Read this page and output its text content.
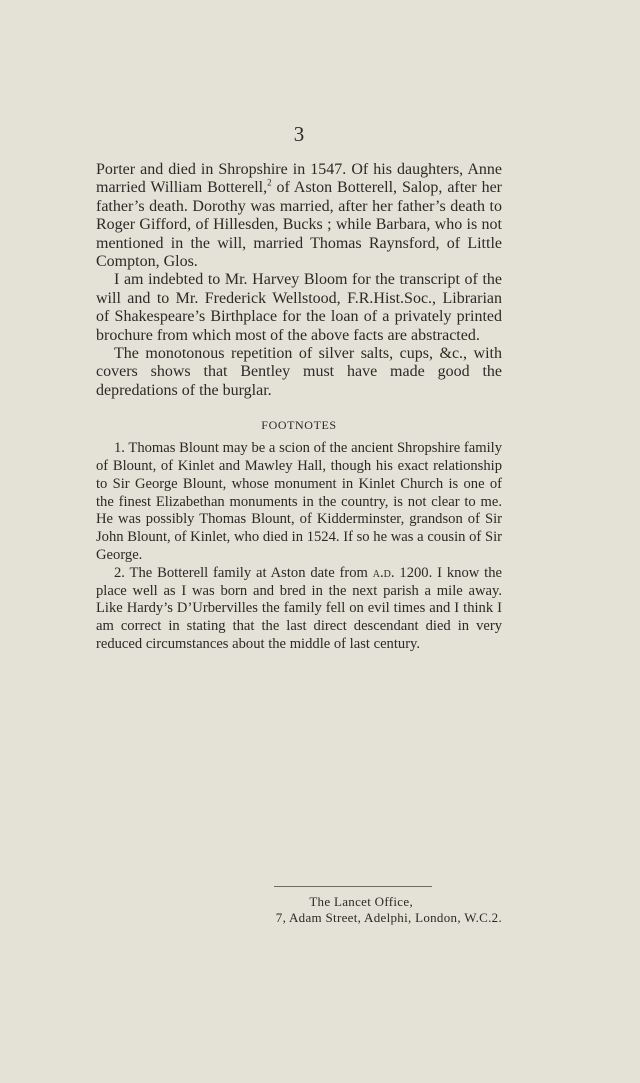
3

Porter and died in Shropshire in 1547. Of his daughters, Anne married William Botterell,$^2$ of Aston Botterell, Salop, after her father’s death. Dorothy was married, after her father’s death to Roger Gifford, of Hillesden, Bucks ; while Barbara, who is not mentioned in the will, married Thomas Raynsford, of Little Compton, Glos.

I am indebted to Mr. Harvey Bloom for the transcript of the will and to Mr. Frederick Wellstood, F.R.Hist.Soc., Librarian of Shakespeare’s Birthplace for the loan of a privately printed brochure from which most of the above facts are abstracted.

The monotonous repetition of silver salts, cups, &c., with covers shows that Bentley must have made good the depredations of the burglar.

FOOTNOTES

1. Thomas Blount may be a scion of the ancient Shropshire family of Blount, of Kinlet and Mawley Hall, though his exact relationship to Sir George Blount, whose monument in Kinlet Church is one of the finest Elizabethan monuments in the country, is not clear to me. He was possibly Thomas Blount, of Kidderminster, grandson of Sir John Blount, of Kinlet, who died in 1524. If so he was a cousin of Sir George.

2. The Botterell family at Aston date from a.d. 1200. I know the place well as I was born and bred in the next parish a mile away. Like Hardy’s D’Urbervilles the family fell on evil times and I think I am correct in stating that the last direct descendant died in very reduced circumstances about the middle of last century.

The Lancet Office,
7, Adam Street, Adelphi, London, W.C.2.
